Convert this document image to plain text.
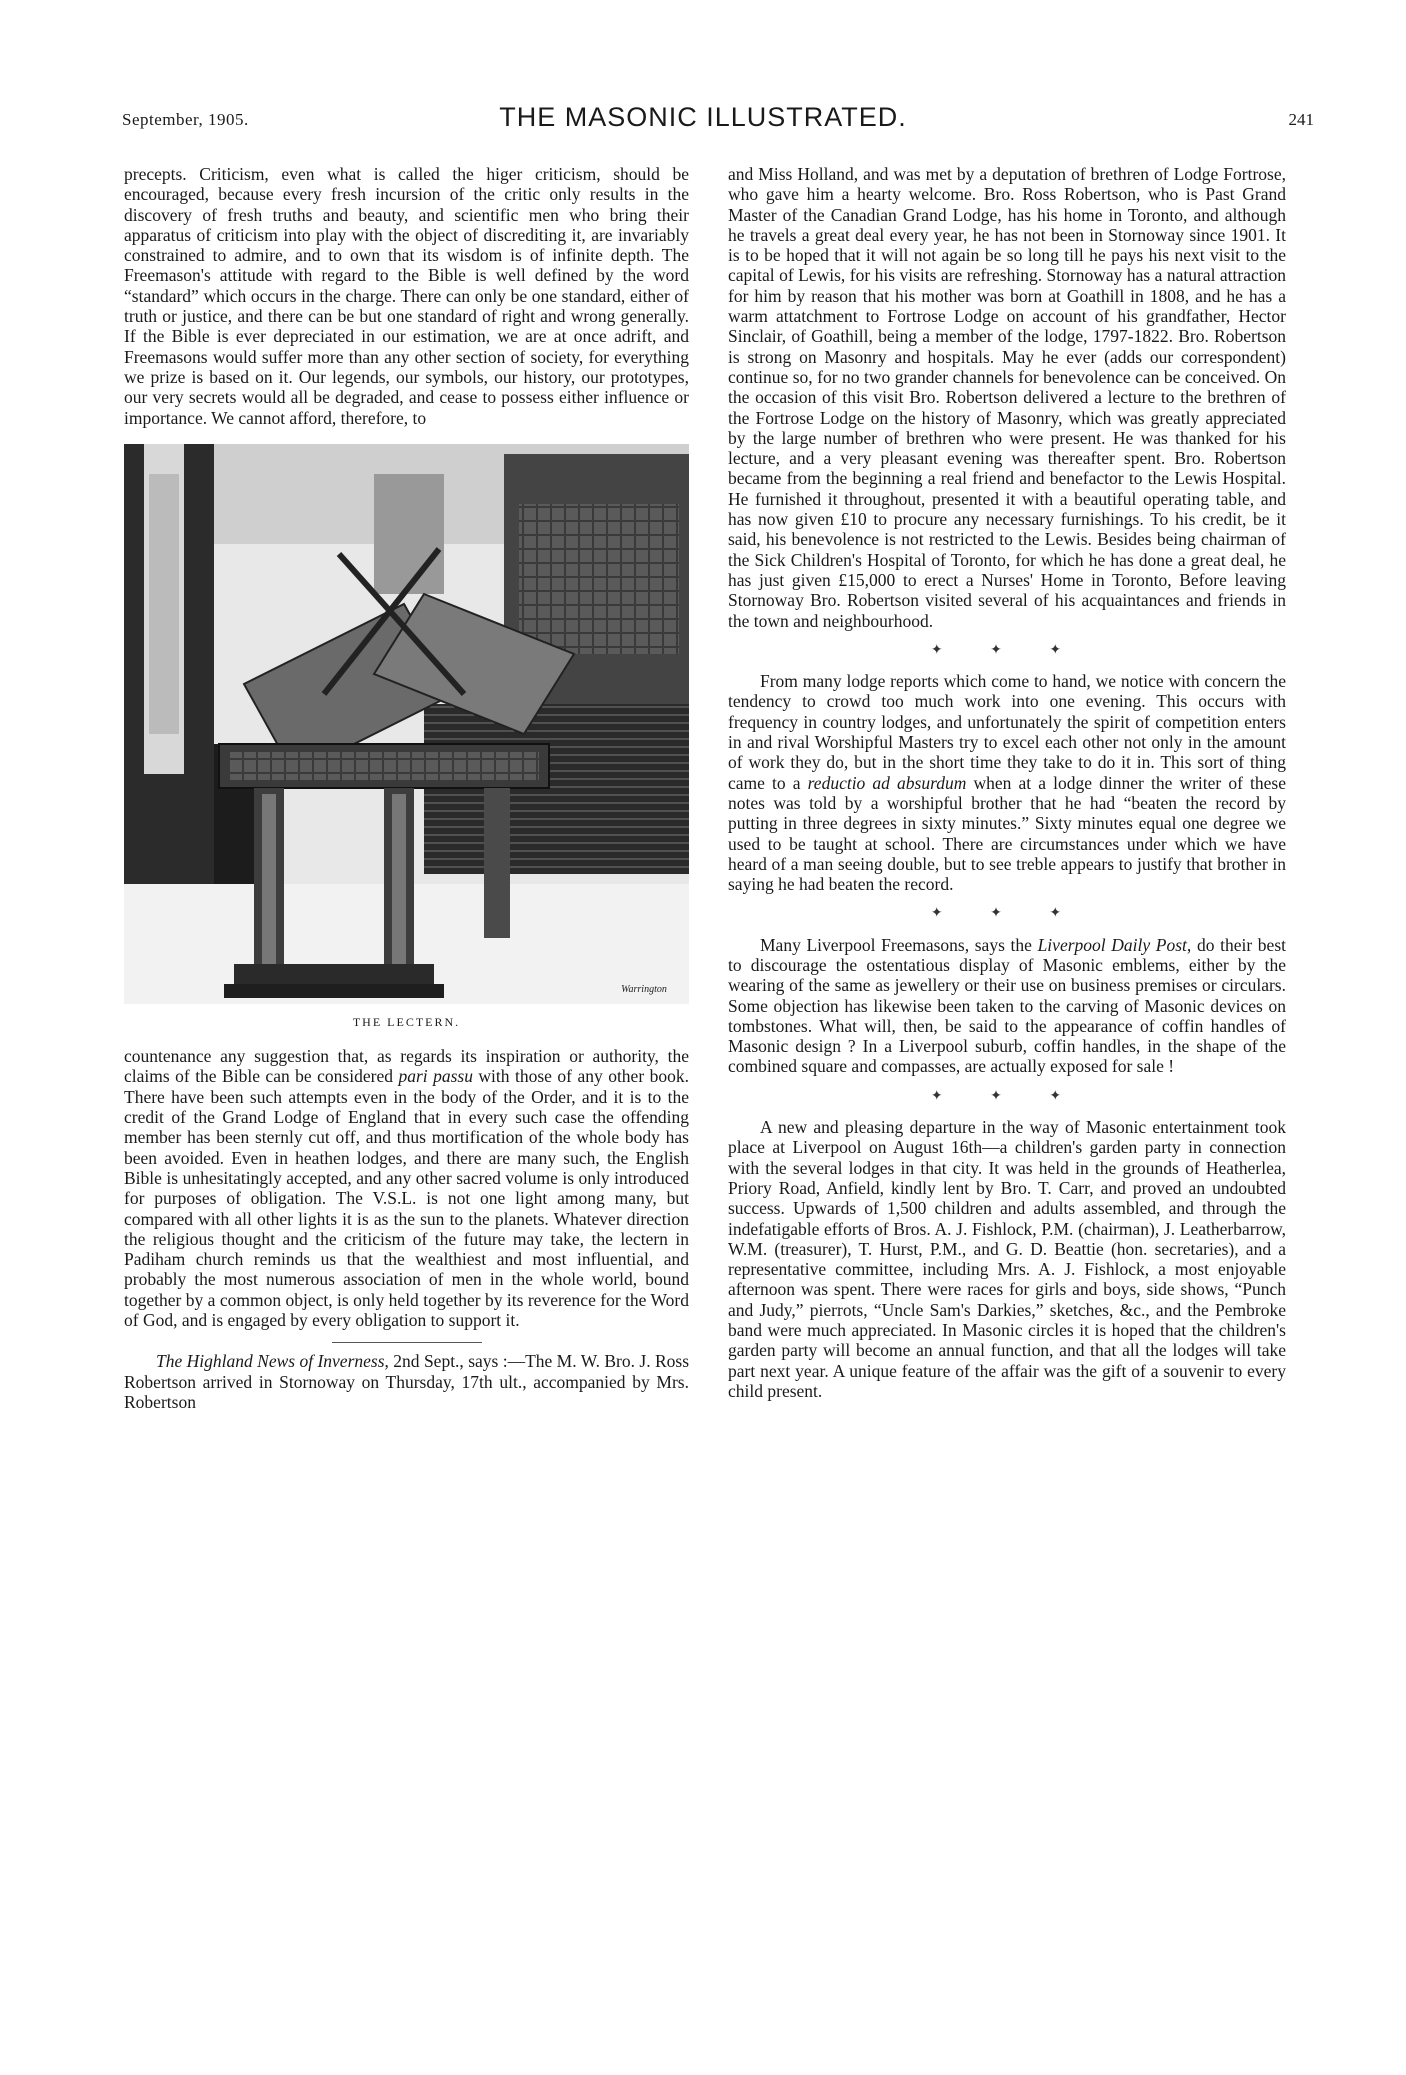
September, 1905.	THE MASONIC ILLUSTRATED.	241

precepts. Criticism, even what is called the higer criticism, should be encouraged, because every fresh incursion of the critic only results in the discovery of fresh truths and beauty, and scientific men who bring their apparatus of criticism into play with the object of discrediting it, are invariably constrained to admire, and to own that its wisdom is of infinite depth. The Freemason's attitude with regard to the Bible is well defined by the word “standard” which occurs in the charge. There can only be one standard, either of truth or justice, and there can be but one standard of right and wrong generally. If the Bible is ever depreciated in our estimation, we are at once adrift, and Freemasons would suffer more than any other section of society, for everything we prize is based on it. Our legends, our symbols, our history, our prototypes, our very secrets would all be degraded, and cease to possess either influence or importance. We cannot afford, therefore, to

Warrington
THE LECTERN.

countenance any suggestion that, as regards its inspiration or authority, the claims of the Bible can be considered pari passu with those of any other book. There have been such attempts even in the body of the Order, and it is to the credit of the Grand Lodge of England that in every such case the offending member has been sternly cut off, and thus mortification of the whole body has been avoided. Even in heathen lodges, and there are many such, the English Bible is unhesitatingly accepted, and any other sacred volume is only introduced for purposes of obligation. The V.S.L. is not one light among many, but compared with all other lights it is as the sun to the planets. Whatever direction the religious thought and the criticism of the future may take, the lectern in Padiham church reminds us that the wealthiest and most influential, and probably the most numerous association of men in the whole world, bound together by a common object, is only held together by its reverence for the Word of God, and is engaged by every obligation to support it.

The Highland News of Inverness, 2nd Sept., says :—The M. W. Bro. J. Ross Robertson arrived in Stornoway on Thursday, 17th ult., accompanied by Mrs. Robertson

and Miss Holland, and was met by a deputation of brethren of Lodge Fortrose, who gave him a hearty welcome. Bro. Ross Robertson, who is Past Grand Master of the Canadian Grand Lodge, has his home in Toronto, and although he travels a great deal every year, he has not been in Stornoway since 1901. It is to be hoped that it will not again be so long till he pays his next visit to the capital of Lewis, for his visits are refreshing. Stornoway has a natural attraction for him by reason that his mother was born at Goathill in 1808, and he has a warm attatchment to Fortrose Lodge on account of his grandfather, Hector Sinclair, of Goathill, being a member of the lodge, 1797-1822. Bro. Robertson is strong on Masonry and hospitals. May he ever (adds our correspondent) continue so, for no two grander channels for benevolence can be conceived. On the occasion of this visit Bro. Robertson delivered a lecture to the brethren of the Fortrose Lodge on the history of Masonry, which was greatly appreciated by the large number of brethren who were present. He was thanked for his lecture, and a very pleasant evening was thereafter spent. Bro. Robertson became from the beginning a real friend and benefactor to the Lewis Hospital. He furnished it throughout, presented it with a beautiful operating table, and has now given £10 to procure any necessary furnishings. To his credit, be it said, his benevolence is not restricted to the Lewis. Besides being chairman of the Sick Children's Hospital of Toronto, for which he has done a great deal, he has just given £15,000 to erect a Nurses' Home in Toronto, Before leaving Stornoway Bro. Robertson visited several of his acquaintances and friends in the town and neighbourhood.

✦ ✦ ✦

From many lodge reports which come to hand, we notice with concern the tendency to crowd too much work into one evening. This occurs with frequency in country lodges, and unfortunately the spirit of competition enters in and rival Worshipful Masters try to excel each other not only in the amount of work they do, but in the short time they take to do it in. This sort of thing came to a reductio ad absurdum when at a lodge dinner the writer of these notes was told by a worshipful brother that he had “beaten the record by putting in three degrees in sixty minutes.” Sixty minutes equal one degree we used to be taught at school. There are circumstances under which we have heard of a man seeing double, but to see treble appears to justify that brother in saying he had beaten the record.

✦ ✦ ✦

Many Liverpool Freemasons, says the Liverpool Daily Post, do their best to discourage the ostentatious display of Masonic emblems, either by the wearing of the same as jewellery or their use on business premises or circulars. Some objection has likewise been taken to the carving of Masonic devices on tombstones. What will, then, be said to the appearance of coffin handles of Masonic design ? In a Liverpool suburb, coffin handles, in the shape of the combined square and compasses, are actually exposed for sale !

✦ ✦ ✦

A new and pleasing departure in the way of Masonic entertainment took place at Liverpool on August 16th—a children's garden party in connection with the several lodges in that city. It was held in the grounds of Heatherlea, Priory Road, Anfield, kindly lent by Bro. T. Carr, and proved an undoubted success. Upwards of 1,500 children and adults assembled, and through the indefatigable efforts of Bros. A. J. Fishlock, P.M. (chairman), J. Leatherbarrow, W.M. (treasurer), T. Hurst, P.M., and G. D. Beattie (hon. secretaries), and a representative committee, including Mrs. A. J. Fishlock, a most enjoyable afternoon was spent. There were races for girls and boys, side shows, “Punch and Judy,” pierrots, “Uncle Sam's Darkies,” sketches, &c., and the Pembroke band were much appreciated. In Masonic circles it is hoped that the children's garden party will become an annual function, and that all the lodges will take part next year. A unique feature of the affair was the gift of a souvenir to every child present.
